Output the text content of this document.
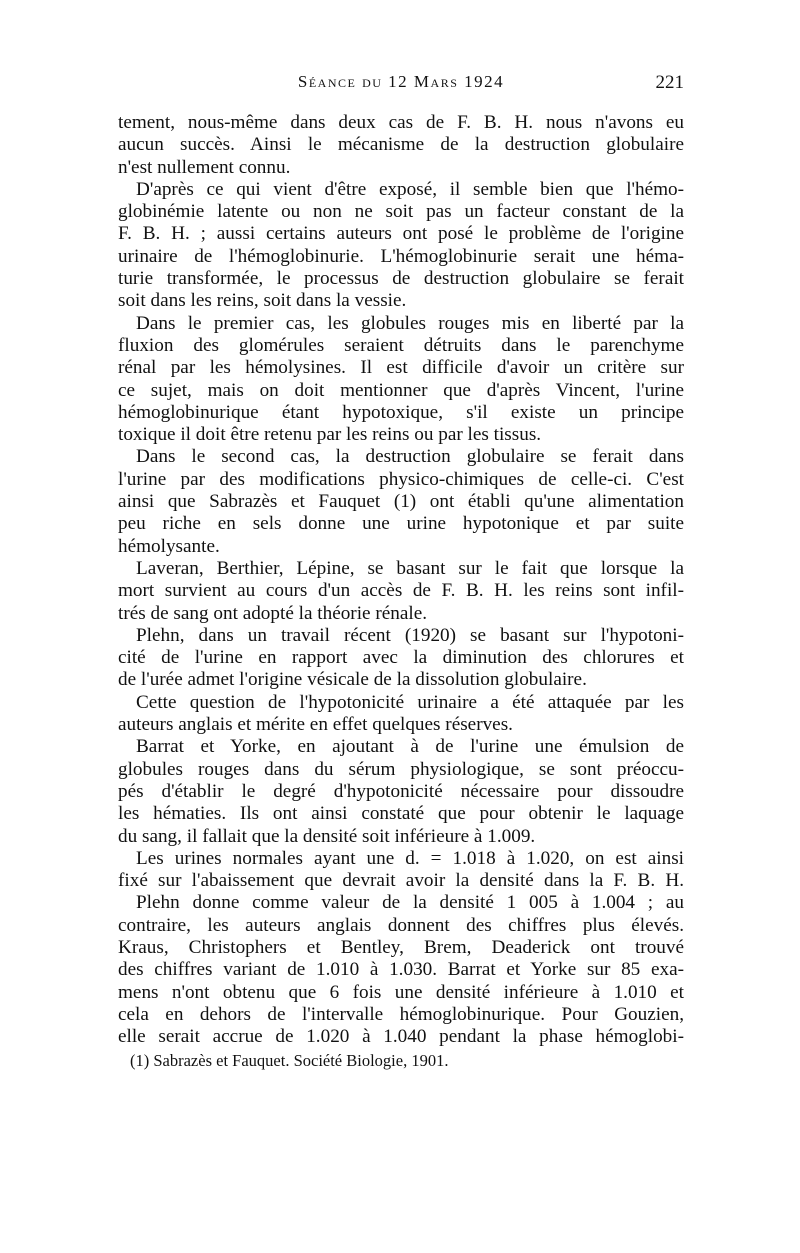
Séance du 12 Mars 1924	221
tement, nous-même dans deux cas de F. B. H. nous n'avons eu
aucun succès. Ainsi le mécanisme de la destruction globulaire
n'est nullement connu.
D'après ce qui vient d'être exposé, il semble bien que l'hémo-
globinémie latente ou non ne soit pas un facteur constant de la
F. B. H. ; aussi certains auteurs ont posé le problème de l'origine
urinaire de l'hémoglobinurie. L'hémoglobinurie serait une héma-
turie transformée, le processus de destruction globulaire se ferait
soit dans les reins, soit dans la vessie.
Dans le premier cas, les globules rouges mis en liberté par la
fluxion des glomérules seraient détruits dans le parenchyme
rénal par les hémolysines. Il est difficile d'avoir un critère sur
ce sujet, mais on doit mentionner que d'après Vincent, l'urine
hémoglobinurique étant hypotoxique, s'il existe un principe
toxique il doit être retenu par les reins ou par les tissus.
Dans le second cas, la destruction globulaire se ferait dans
l'urine par des modifications physico-chimiques de celle-ci. C'est
ainsi que Sabrazès et Fauquet (1) ont établi qu'une alimentation
peu riche en sels donne une urine hypotonique et par suite
hémolysante.
Laveran, Berthier, Lépine, se basant sur le fait que lorsque la
mort survient au cours d'un accès de F. B. H. les reins sont infil-
trés de sang ont adopté la théorie rénale.
Plehn, dans un travail récent (1920) se basant sur l'hypotoni-
cité de l'urine en rapport avec la diminution des chlorures et
de l'urée admet l'origine vésicale de la dissolution globulaire.
Cette question de l'hypotonicité urinaire a été attaquée par les
auteurs anglais et mérite en effet quelques réserves.
Barrat et Yorke, en ajoutant à de l'urine une émulsion de
globules rouges dans du sérum physiologique, se sont préoccu-
pés d'établir le degré d'hypotonicité nécessaire pour dissoudre
les hématies. Ils ont ainsi constaté que pour obtenir le laquage
du sang, il fallait que la densité soit inférieure à 1.009.
Les urines normales ayant une d. = 1.018 à 1.020, on est ainsi
fixé sur l'abaissement que devrait avoir la densité dans la F. B. H.
Plehn donne comme valeur de la densité 1 005 à 1.004 ; au
contraire, les auteurs anglais donnent des chiffres plus élevés.
Kraus, Christophers et Bentley, Brem, Deaderick ont trouvé
des chiffres variant de 1.010 à 1.030. Barrat et Yorke sur 85 exa-
mens n'ont obtenu que 6 fois une densité inférieure à 1.010 et
cela en dehors de l'intervalle hémoglobinurique. Pour Gouzien,
elle serait accrue de 1.020 à 1.040 pendant la phase hémoglobi-
(1) Sabrazès et Fauquet. Société Biologie, 1901.
